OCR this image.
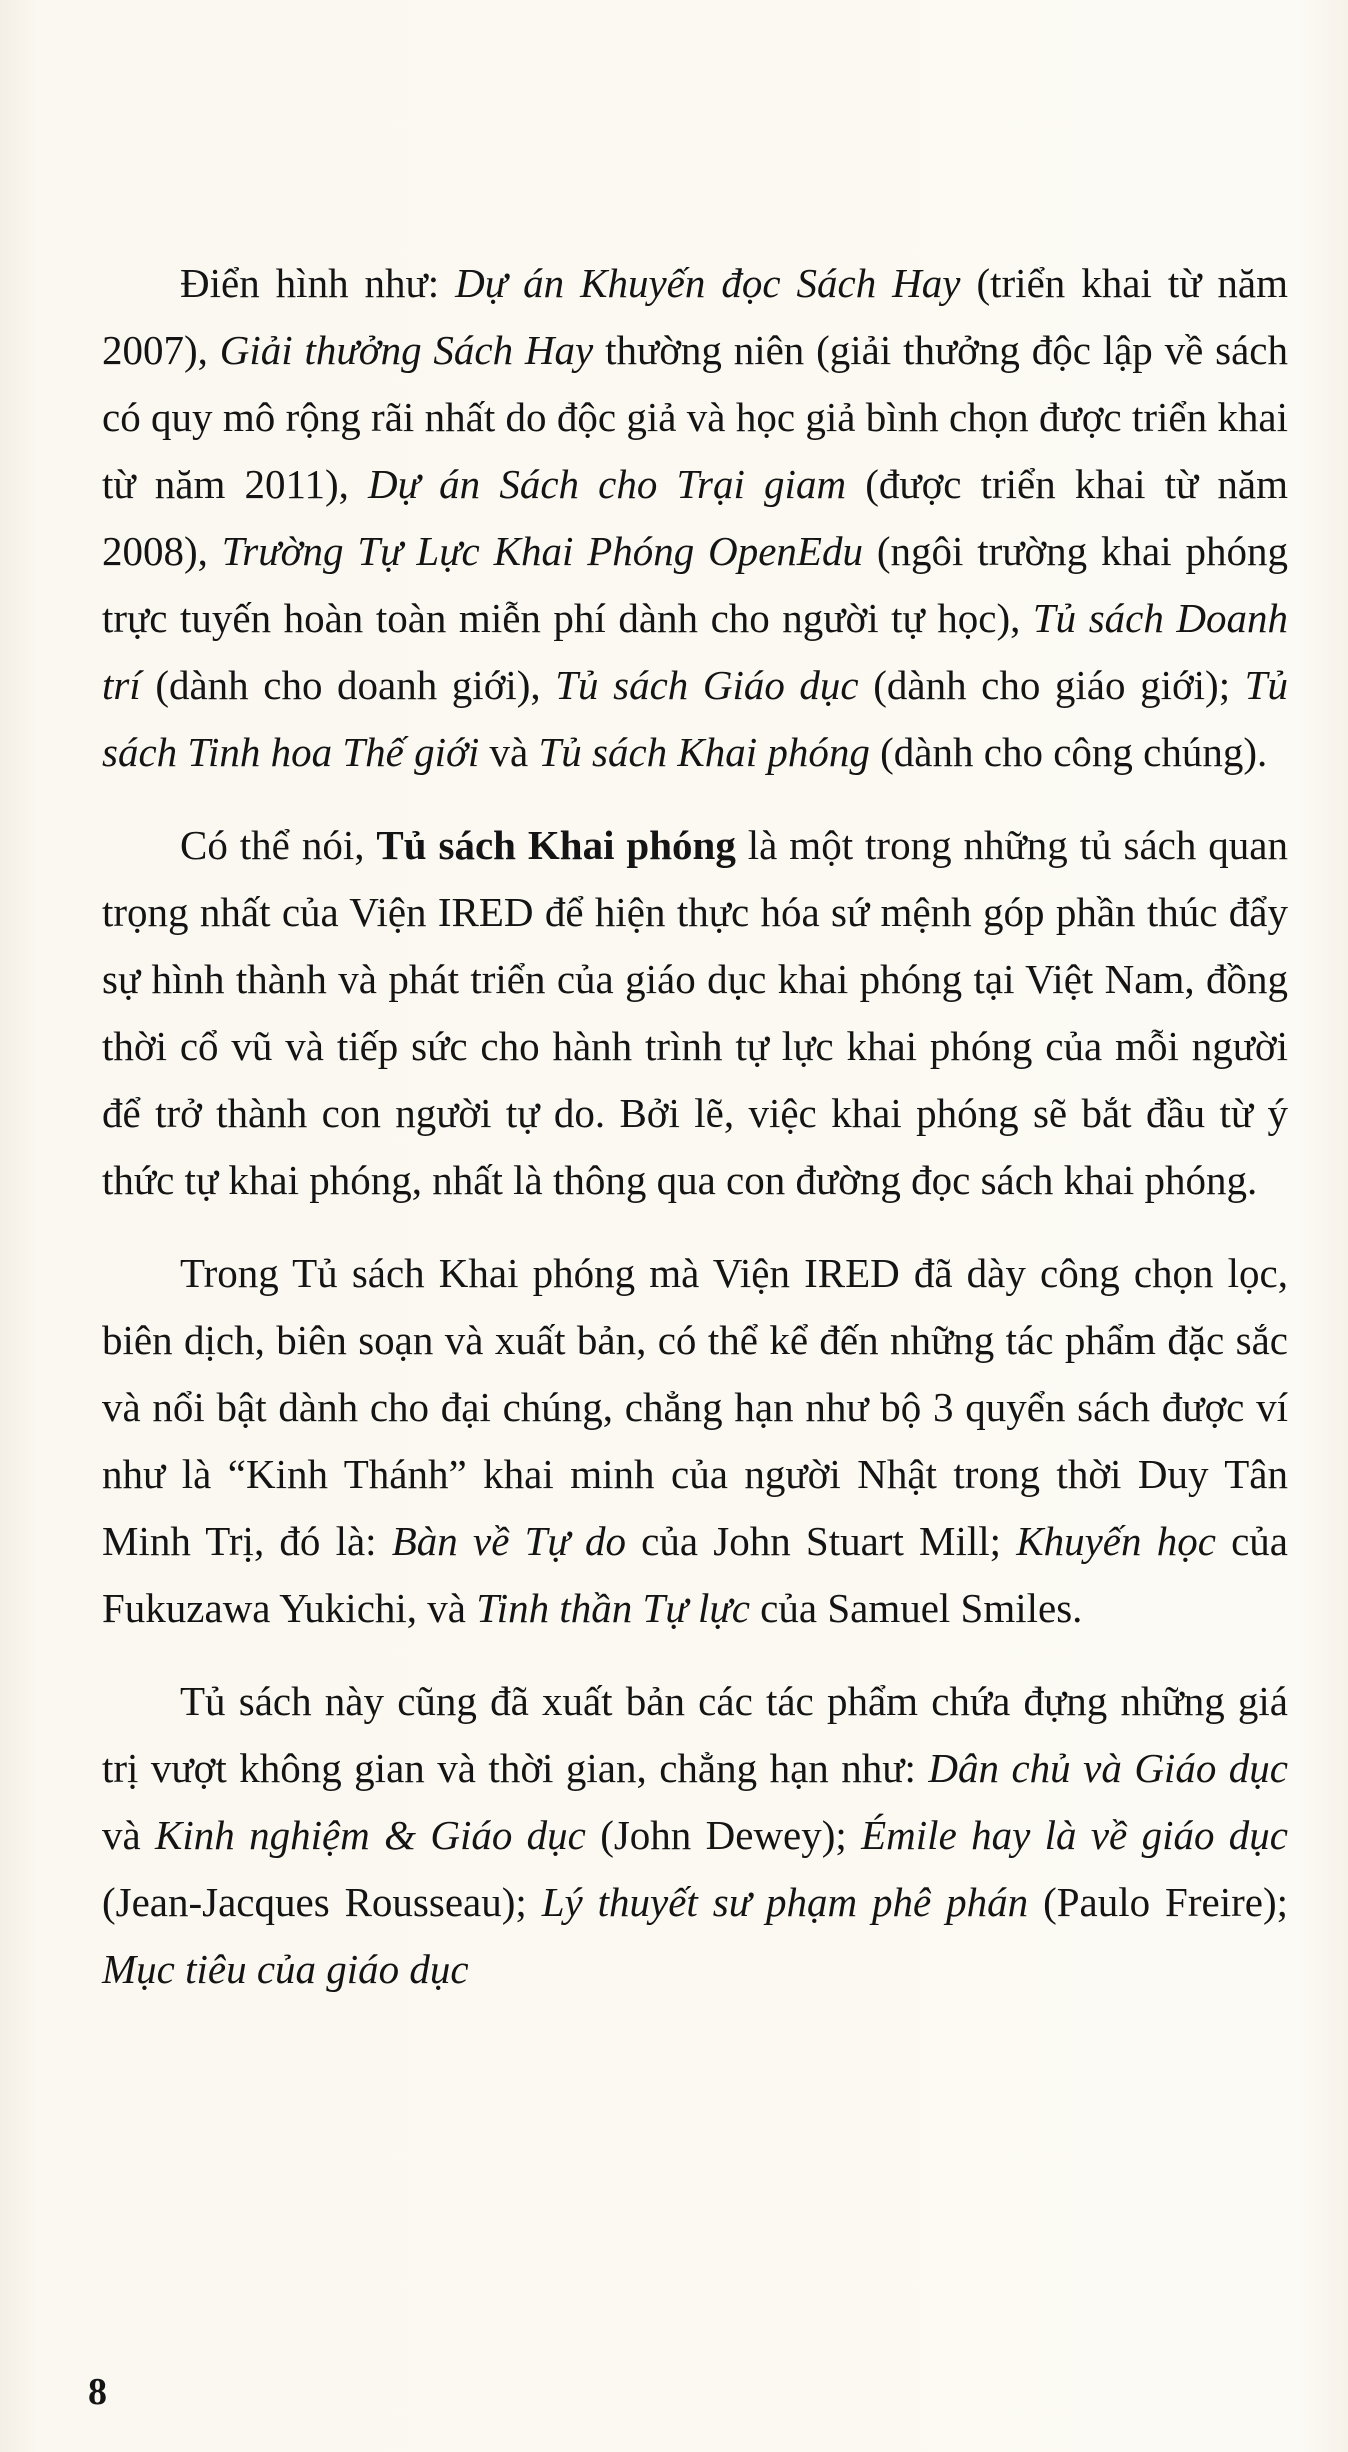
Điển hình như: Dự án Khuyến đọc Sách Hay (triển khai từ năm 2007), Giải thưởng Sách Hay thường niên (giải thưởng độc lập về sách có quy mô rộng rãi nhất do độc giả và học giả bình chọn được triển khai từ năm 2011), Dự án Sách cho Trại giam (được triển khai từ năm 2008), Trường Tự Lực Khai Phóng OpenEdu (ngôi trường khai phóng trực tuyến hoàn toàn miễn phí dành cho người tự học), Tủ sách Doanh trí (dành cho doanh giới), Tủ sách Giáo dục (dành cho giáo giới); Tủ sách Tinh hoa Thế giới và Tủ sách Khai phóng (dành cho công chúng).

Có thể nói, Tủ sách Khai phóng là một trong những tủ sách quan trọng nhất của Viện IRED để hiện thực hóa sứ mệnh góp phần thúc đẩy sự hình thành và phát triển của giáo dục khai phóng tại Việt Nam, đồng thời cổ vũ và tiếp sức cho hành trình tự lực khai phóng của mỗi người để trở thành con người tự do. Bởi lẽ, việc khai phóng sẽ bắt đầu từ ý thức tự khai phóng, nhất là thông qua con đường đọc sách khai phóng.

Trong Tủ sách Khai phóng mà Viện IRED đã dày công chọn lọc, biên dịch, biên soạn và xuất bản, có thể kể đến những tác phẩm đặc sắc và nổi bật dành cho đại chúng, chẳng hạn như bộ 3 quyển sách được ví như là “Kinh Thánh” khai minh của người Nhật trong thời Duy Tân Minh Trị, đó là: Bàn về Tự do của John Stuart Mill; Khuyến học của Fukuzawa Yukichi, và Tinh thần Tự lực của Samuel Smiles.

Tủ sách này cũng đã xuất bản các tác phẩm chứa đựng những giá trị vượt không gian và thời gian, chẳng hạn như: Dân chủ và Giáo dục và Kinh nghiệm & Giáo dục (John Dewey); Émile hay là về giáo dục (Jean-Jacques Rousseau); Lý thuyết sư phạm phê phán (Paulo Freire); Mục tiêu của giáo dục

8
